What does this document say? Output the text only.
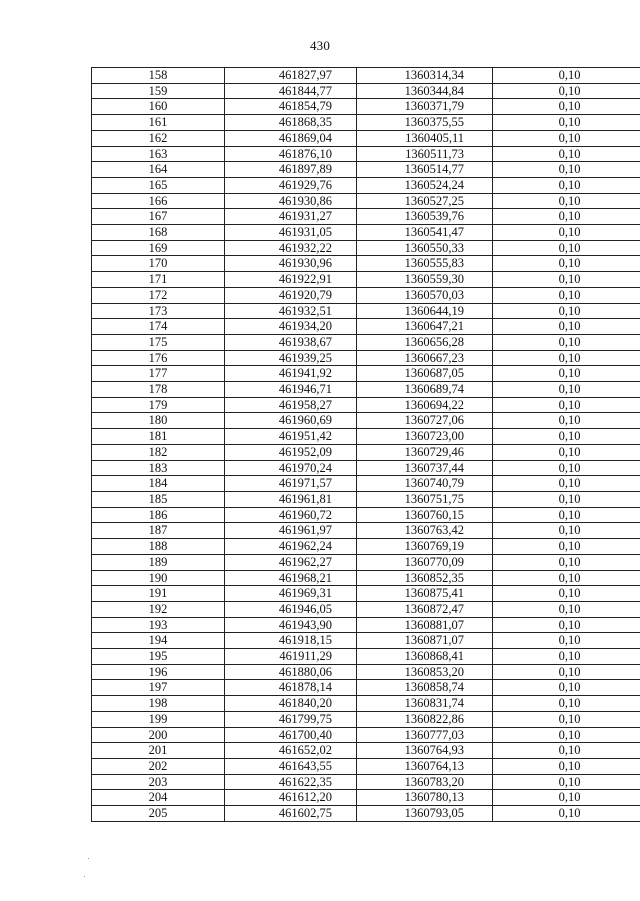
430
158	461827,97	1360314,34	0,10
159	461844,77	1360344,84	0,10
160	461854,79	1360371,79	0,10
161	461868,35	1360375,55	0,10
162	461869,04	1360405,11	0,10
163	461876,10	1360511,73	0,10
164	461897,89	1360514,77	0,10
165	461929,76	1360524,24	0,10
166	461930,86	1360527,25	0,10
167	461931,27	1360539,76	0,10
168	461931,05	1360541,47	0,10
169	461932,22	1360550,33	0,10
170	461930,96	1360555,83	0,10
171	461922,91	1360559,30	0,10
172	461920,79	1360570,03	0,10
173	461932,51	1360644,19	0,10
174	461934,20	1360647,21	0,10
175	461938,67	1360656,28	0,10
176	461939,25	1360667,23	0,10
177	461941,92	1360687,05	0,10
178	461946,71	1360689,74	0,10
179	461958,27	1360694,22	0,10
180	461960,69	1360727,06	0,10
181	461951,42	1360723,00	0,10
182	461952,09	1360729,46	0,10
183	461970,24	1360737,44	0,10
184	461971,57	1360740,79	0,10
185	461961,81	1360751,75	0,10
186	461960,72	1360760,15	0,10
187	461961,97	1360763,42	0,10
188	461962,24	1360769,19	0,10
189	461962,27	1360770,09	0,10
190	461968,21	1360852,35	0,10
191	461969,31	1360875,41	0,10
192	461946,05	1360872,47	0,10
193	461943,90	1360881,07	0,10
194	461918,15	1360871,07	0,10
195	461911,29	1360868,41	0,10
196	461880,06	1360853,20	0,10
197	461878,14	1360858,74	0,10
198	461840,20	1360831,74	0,10
199	461799,75	1360822,86	0,10
200	461700,40	1360777,03	0,10
201	461652,02	1360764,93	0,10
202	461643,55	1360764,13	0,10
203	461622,35	1360783,20	0,10
204	461612,20	1360780,13	0,10
205	461602,75	1360793,05	0,10
